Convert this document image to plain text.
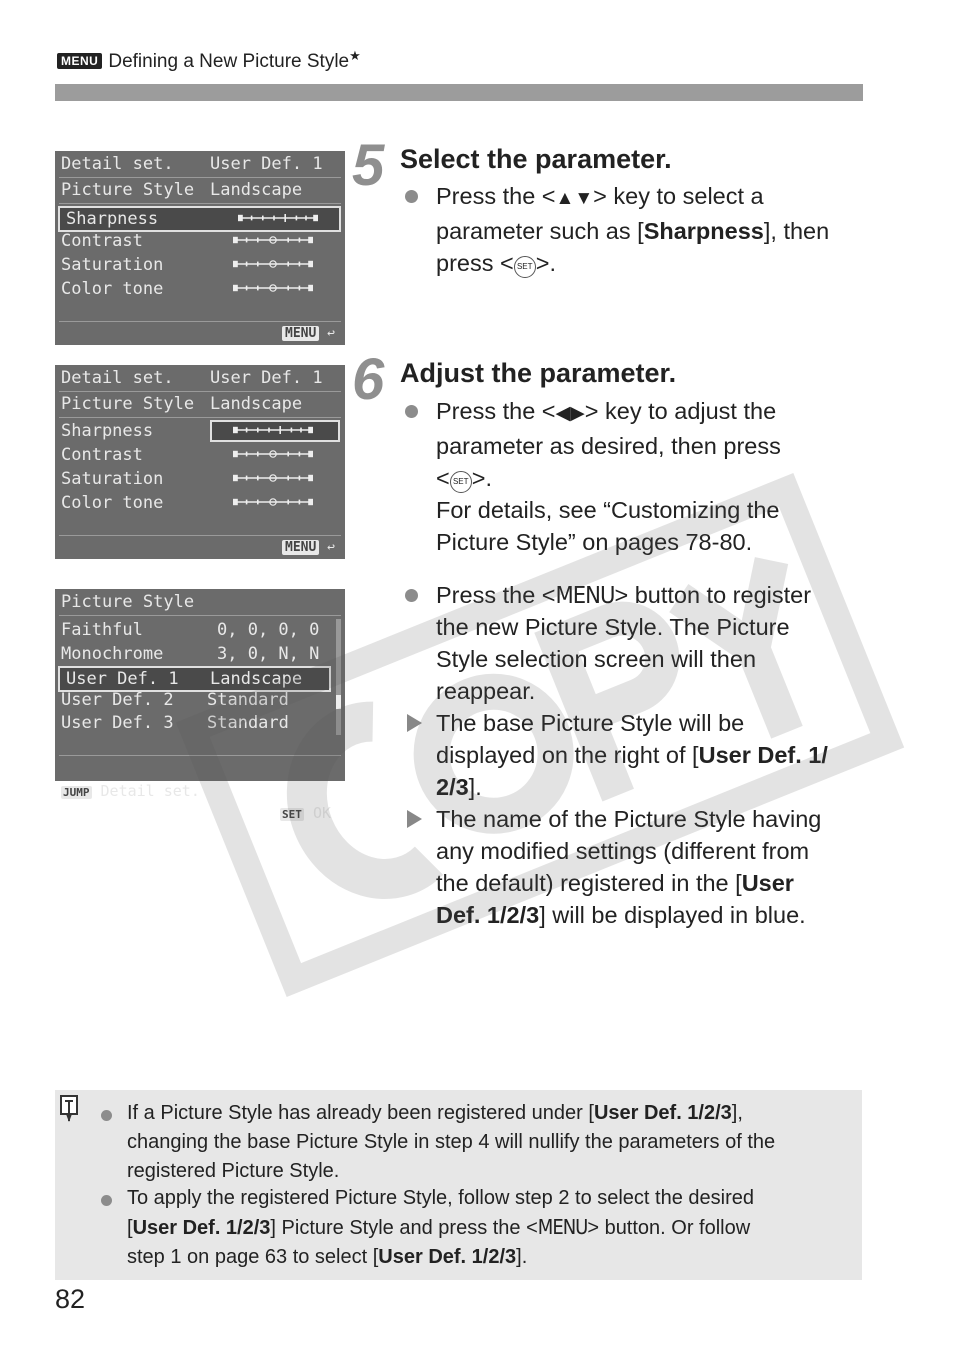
MENU Defining a New Picture Style★
Detail set. User Def. 1
Picture Style Landscape
Sharpness

Contrast

Saturation

Color tone

MENU ↩
5 Select the parameter.
Press the <▲▼> key to select a
parameter such as [Sharpness], then
press < SET >.
Detail set. User Def. 1
Picture Style Landscape
Sharpness

Contrast

Saturation

Color tone

MENU ↩
6 Adjust the parameter.
Press the <◀▶> key to adjust the
parameter as desired, then press
< SET >.
For details, see “Customizing the
Picture Style” on pages 78-80.
Picture Style
Faithful	0, 0, 0, 0
Monochrome	3, 0, N, N
User Def. 1 Landscape
User Def. 2 Standard
User Def. 3 Standard

JUMP Detail set.

SET OK

Press the <MENU> button to register
the new Picture Style. The Picture
Style selection screen will then
reappear.
The base Picture Style will be
displayed on the right of [User Def. 1/
2/3].
The name of the Picture Style having
any modified settings (different from
the default) registered in the [User
Def. 1/2/3] will be displayed in blue.
If a Picture Style has already been registered under [User Def. 1/2/3],
changing the base Picture Style in step 4 will nullify the parameters of the
registered Picture Style.
To apply the registered Picture Style, follow step 2 to select the desired
[User Def. 1/2/3] Picture Style and press the <MENU> button. Or follow
step 1 on page 63 to select [User Def. 1/2/3].
82
